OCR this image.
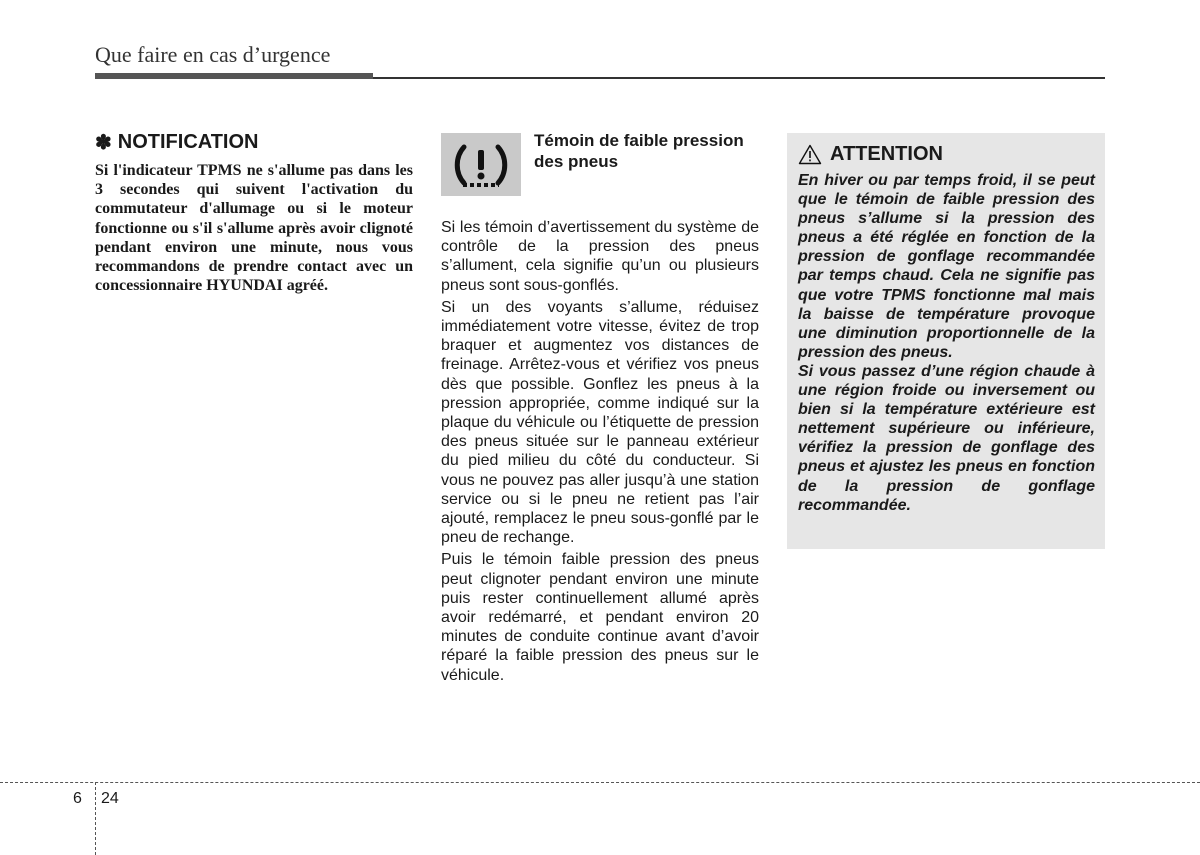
Que faire en cas d’urgence
✽ NOTIFICATION
Si l'indicateur TPMS ne s'allume pas dans les 3 secondes qui suivent l'activation du commutateur d'allumage ou si le moteur fonctionne ou s'il s'allume après avoir clignoté pendant environ une minute, nous vous recommandons de prendre contact avec un concessionnaire HYUNDAI agréé.
Témoin de faible pression des pneus

Si les témoin d’avertissement du système de contrôle de la pression des pneus s’allument, cela signifie qu’un ou plusieurs pneus sont sous-gonflés.

Si un des voyants s’allume, réduisez immédiatement votre vitesse, évitez de trop braquer et augmentez vos distances de freinage. Arrêtez-vous et vérifiez vos pneus dès que possible. Gonflez les pneus à la pression appropriée, comme indiqué sur la plaque du véhicule ou l’étiquette de pression des pneus située sur le panneau extérieur du pied milieu du côté du conducteur. Si vous ne pouvez pas aller jusqu’à une station service ou si le pneu ne retient pas l’air ajouté, remplacez le pneu sous-gonflé par le pneu de rechange.

Puis le témoin faible pression des pneus peut clignoter pendant environ une minute puis rester continuellement allumé après avoir redémarré, et pendant environ 20 minutes de conduite continue avant d’avoir réparé la faible pression des pneus sur le véhicule.

ATTENTION

En hiver ou par temps froid, il se peut que le témoin de faible pression des pneus s’allume si la pression des pneus a été réglée en fonction de la pression de gonflage recommandée par temps chaud. Cela ne signifie pas que votre TPMS fonctionne mal mais la baisse de température provoque une diminution proportionnelle de la pression des pneus.

Si vous passez d’une région chaude à une région froide ou inversement ou bien si la température extérieure est nettement supérieure ou inférieure, vérifiez la pression de gonflage des pneus et ajustez les pneus en fonction de la pression de gonflage recommandée.

6 24
